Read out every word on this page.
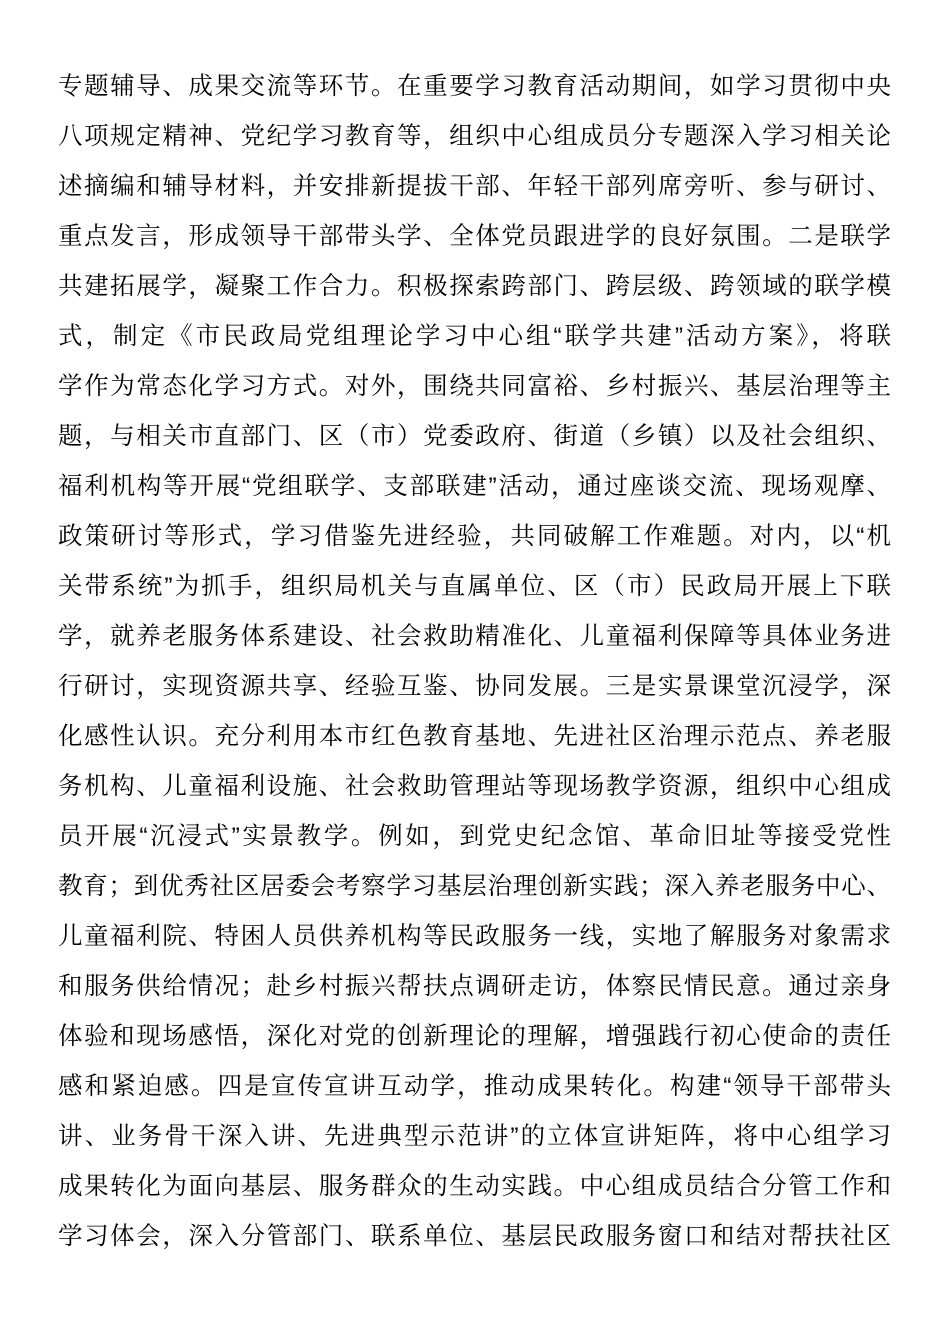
专题辅导、成果交流等环节。在重要学习教育活动期间，如学习贯彻中央
八项规定精神、党纪学习教育等，组织中心组成员分专题深入学习相关论
述摘编和辅导材料，并安排新提拔干部、年轻干部列席旁听、参与研讨、
重点发言，形成领导干部带头学、全体党员跟进学的良好氛围。二是联学
共建拓展学，凝聚工作合力。积极探索跨部门、跨层级、跨领域的联学模
式，制定《市民政局党组理论学习中心组“联学共建”活动方案》，将联
学作为常态化学习方式。对外，围绕共同富裕、乡村振兴、基层治理等主
题，与相关市直部门、区（市）党委政府、街道（乡镇）以及社会组织、
福利机构等开展“党组联学、支部联建”活动，通过座谈交流、现场观摩、
政策研讨等形式，学习借鉴先进经验，共同破解工作难题。对内，以“机
关带系统”为抓手，组织局机关与直属单位、区（市）民政局开展上下联
学，就养老服务体系建设、社会救助精准化、儿童福利保障等具体业务进
行研讨，实现资源共享、经验互鉴、协同发展。三是实景课堂沉浸学，深
化感性认识。充分利用本市红色教育基地、先进社区治理示范点、养老服
务机构、儿童福利设施、社会救助管理站等现场教学资源，组织中心组成
员开展“沉浸式”实景教学。例如，到党史纪念馆、革命旧址等接受党性
教育；到优秀社区居委会考察学习基层治理创新实践；深入养老服务中心、
儿童福利院、特困人员供养机构等民政服务一线，实地了解服务对象需求
和服务供给情况；赴乡村振兴帮扶点调研走访，体察民情民意。通过亲身
体验和现场感悟，深化对党的创新理论的理解，增强践行初心使命的责任
感和紧迫感。四是宣传宣讲互动学，推动成果转化。构建“领导干部带头
讲、业务骨干深入讲、先进典型示范讲”的立体宣讲矩阵，将中心组学习
成果转化为面向基层、服务群众的生动实践。中心组成员结合分管工作和
学习体会，深入分管部门、联系单位、基层民政服务窗口和结对帮扶社区
